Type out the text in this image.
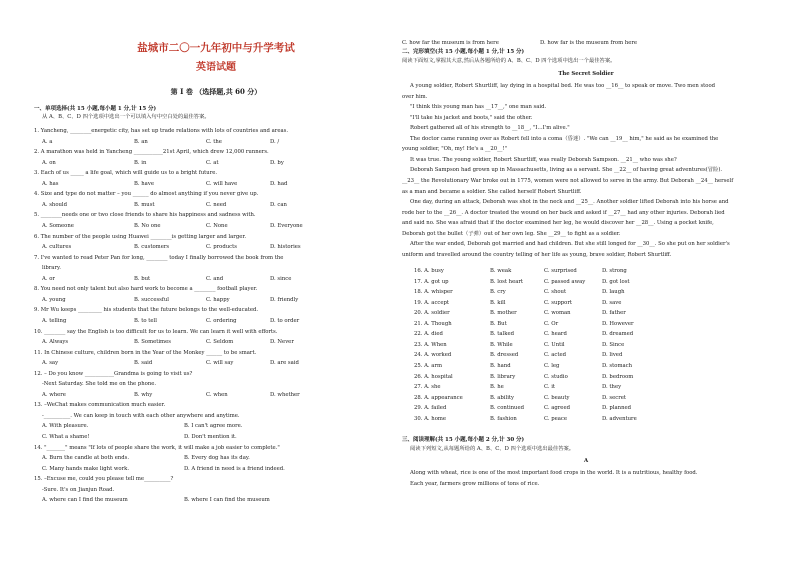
盐城市二〇一九年初中与升学考试
英语试题
第 I 卷 （选择题,共 60 分）
一、单项选择(共 15 小题,每小题 1 分,计 15 分)
从 A、B、C、D 四个选项中选出一个可以填入句中空白处的最佳答案。
1. Yancheng, ________energetic city, has set up trade relations with lots of countries and areas.
A. a	B. an	C. the	D. /
2. A marathon was held in Yancheng ___________21st April, which drew 12,000 runners.
A. on	B. in	C. at	D. by
3. Each of us _____ a life goal, which will guide us to a bright future.
A. has	B. have	C. will have	D. had
4. Size and type do not matter – you ______ do almost anything if you never give up.
A. should	B. must	C. need	D. can
5. ________needs one or two close friends to share his happiness and sadness with.
A. Someone	B. No one	C. None	D. Everyone
6. The number of the people using Huawei ________is getting larger and larger.
A. cultures	B. customers	C. products	D. histories
7. I've wanted to read Peter Pan for long, ________ today I finally borrowed the book from the
library.
A. or	B. but	C. and	D. since
8. You need not only talent but also hard work to become a ________ football player.
A. young	B. successful	C. happy	D. friendly
9. Mr Wu keeps _________ his students that the future belongs to the well-educated.
A. telling	B. to tell	C. ordering	D. to order
10. ________ say the English is too difficult for us to learn. We can learn it well with efforts.
A. Always	B. Sometimes	C. Seldom	D. Never
11. In Chinese culture, children born in the Year of the Monkey ______ to be smart.
A. say	B. said	C. will say	D. are said
12. – Do you know ___________Grandma is going to visit us?
-Next Saturday. She told me on the phone.
A. where	B. why	C. when	D. whether
13. –WeChat makes communication much easier.
-__________. We can keep in touch with each other anywhere and anytime.
A. With pleasure.	B. I can't agree more.
C. What a shame!	D. Don't mention it.
14. "_______" means "If lots of people share the work, it will make a job easier to complete."
A. Burn the candle at both ends.	B. Every dog has its day.
C. Many hands make light work.	D. A friend in need is a friend indeed.
15. –Excuse me, could you please tell me__________?
-Sure. It's on Jianjun Road.
A. where can I find the museum	B. where I can find the museum
C. how far the museum is from here	D. how far is the museum from here
二、完形填空(共 15 小题,每小题 1 分,计 15 分)
阅读下面短文,掌握其大意,然后从各题所给的 A、B、C、D 四个选项中选出一个最佳答案。
The Secret Soldier
A young soldier, Robert Shurtliff, lay dying in a hospital bed. He was too __16__ to speak or move. Two men stood
over him.
"I think this young man has __17__," one man said.
"I'll take his jacket and boots," said the other.
Robert gathered all of his strength to __18__, "I…I'm alive."
The doctor came running over as Robert fell into a coma（昏迷）. "We can __19__ him," he said as he examined the
young soldier, "Oh, my! He's a __20__!"
It was true. The young soldier, Robert Shurtliff, was really Deborah Sampson. __21__ who was she?
Deborah Sampson had grown up in Massachusetts, living as a servant. She __22__ of having great adventures(冒险).
__23__ the Revolutionary War broke out in 1775, women were not allowed to serve in the army. But Deborah __24__ herself
as a man and became a soldier. She called herself Robert Shurtliff.
One day, during an attack, Deborah was shot in the neck and __25__. Another soldier lifted Deborah into his horse and
rode her to the __26__. A doctor treated the wound on her back and asked if __27__ had any other injuries. Deborah lied
and said no. She was afraid that if the doctor examined her leg, he would discover her __28__. Using a pocket knife,
Deborah got the bullet（子弹）out of her own leg. She __29__ to fight as a soldier.
After the war ended, Deborah got married and had children. But she still longed for __30__. So she put on her soldier's
uniform and travelled around the country telling of her life as young, brave soldier, Robert Shurtliff.
16. A. busy	B. weak	C. surprised	D. strong
17. A. got up	B. lost heart	C. passed away	D. got lost
18. A. whisper	B. cry	C. shout	D. laugh
19. A. accept	B. kill	C. support	D. save
20. A. soldier	B. mother	C. woman	D. father
21. A. Though	B. But	C. Or	D. However
22. A. died	B. talked	C. heard	D. dreamed
23. A. When	B. While	C. Until	D. Since
24. A. worked	B. dressed	C. acted	D. lived
25. A. arm	B. hand	C. leg	D. stomach
26. A. hospital	B. library	C. studio	D. bedroom
27. A. she	B. he	C. it	D. they
28. A. appearance	B. ability	C. beauty	D. secret
29. A. failed	B. continued	C. agreed	D. planned
30. A. home	B. fashion	C. peace	D. adventure
三、阅读理解(共 15 小题,每小题 2 分,计 30 分)
阅读下列短文,从每题所给的 A、B、C、D 四个选项中选出最佳答案。
A
Along with wheat, rice is one of the most important food crops in the world. It is a nutritious, healthy food.
Each year, farmers grow millions of tons of rice.
